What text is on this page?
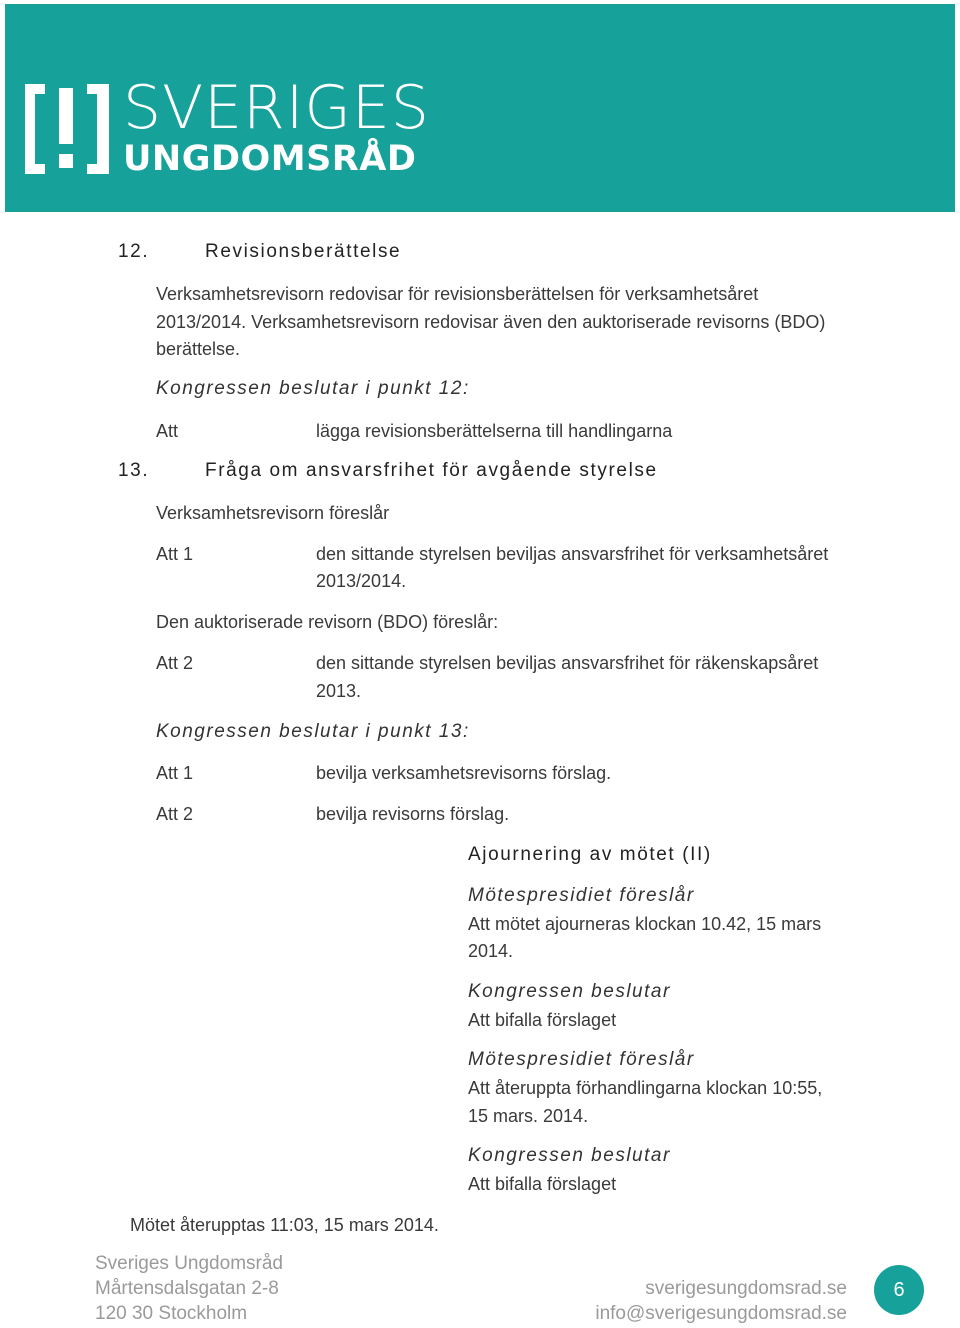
SVERIGES
UNGDOMSRÅD
12.	Revisionsberättelse
Verksamhetsrevisorn redovisar för revisionsberättelsen för verksamhetsåret
2013/2014. Verksamhetsrevisorn redovisar även den auktoriserade revisorns (BDO)
berättelse.
Kongressen beslutar i punkt 12:
Att	lägga revisionsberättelserna till handlingarna
13.	Fråga om ansvarsfrihet för avgående styrelse
Verksamhetsrevisorn föreslår
Att 1	den sittande styrelsen beviljas ansvarsfrihet för verksamhetsåret
2013/2014.
Den auktoriserade revisorn (BDO) föreslår:
Att 2	den sittande styrelsen beviljas ansvarsfrihet för räkenskapsåret
2013.
Kongressen beslutar i punkt 13:
Att 1	bevilja verksamhetsrevisorns förslag.
Att 2	bevilja revisorns förslag.
Ajournering av mötet (II)
Mötespresidiet föreslår
Att mötet ajourneras klockan 10.42, 15 mars
2014.
Kongressen beslutar
Att bifalla förslaget
Mötespresidiet föreslår
Att återuppta förhandlingarna klockan 10:55,
15 mars. 2014.
Kongressen beslutar
Att bifalla förslaget
Mötet återupptas 11:03, 15 mars 2014.
Sveriges Ungdomsråd
Mårtensdalsgatan 2-8
120 30 Stockholm
sverigesungdomsrad.se
info@sverigesungdomsrad.se
6
